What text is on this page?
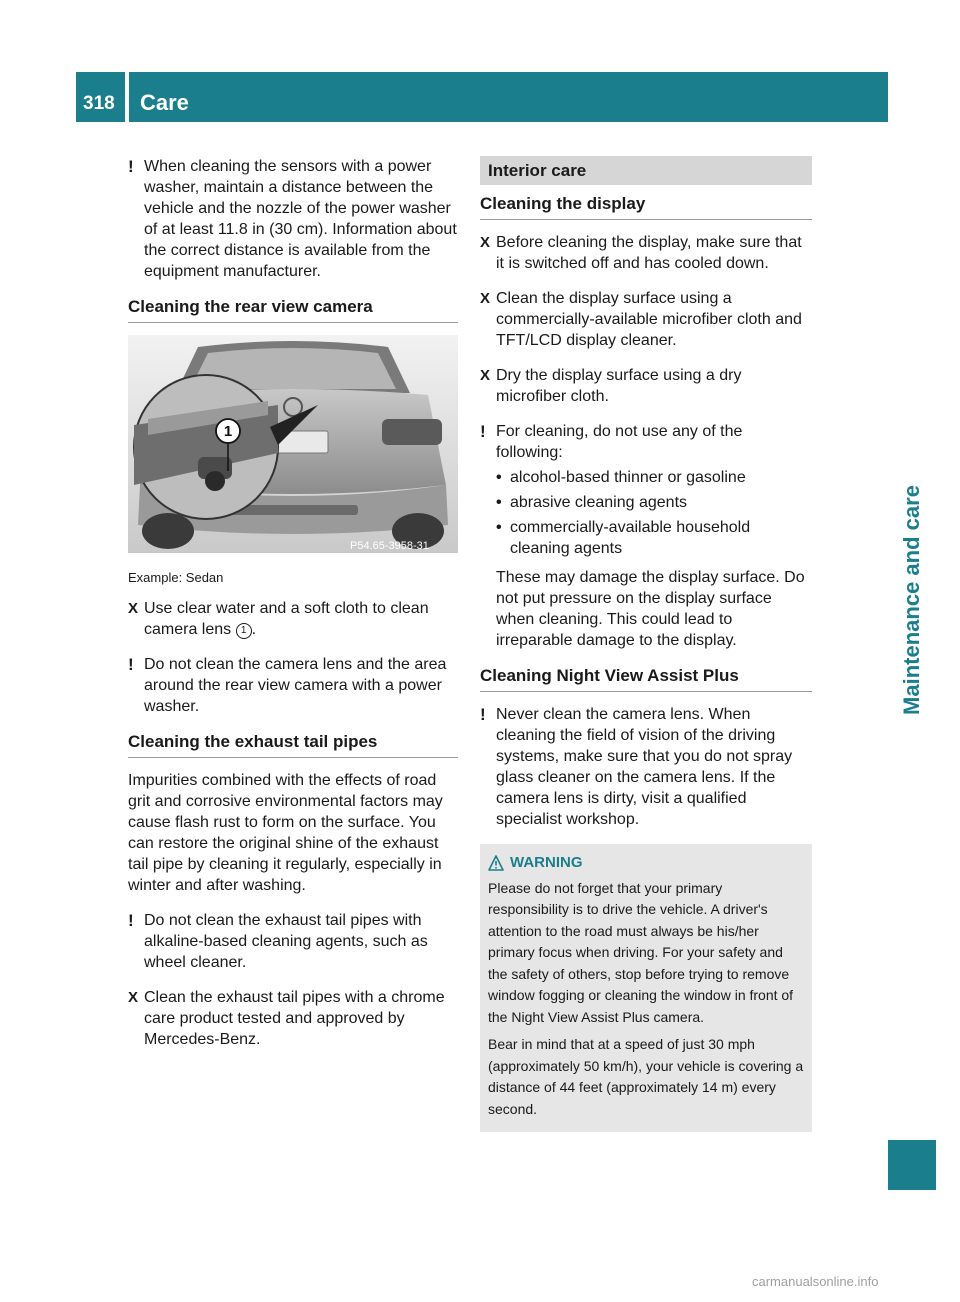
318 Care
Maintenance and care
! When cleaning the sensors with a power washer, maintain a distance between the vehicle and the nozzle of the power washer of at least 11.8 in (30 cm). Information about the correct distance is available from the equipment manufacturer.
Cleaning the rear view camera
1
P54.65-3958-31
Example: Sedan
X Use clear water and a soft cloth to clean camera lens 1 .
! Do not clean the camera lens and the area around the rear view camera with a power washer.
Cleaning the exhaust tail pipes

Impurities combined with the effects of road grit and corrosive environmental factors may cause flash rust to form on the surface. You can restore the original shine of the exhaust tail pipe by cleaning it regularly, especially in winter and after washing.

! Do not clean the exhaust tail pipes with alkaline-based cleaning agents, such as wheel cleaner.
X Clean the exhaust tail pipes with a chrome care product tested and approved by Mercedes-Benz.
Interior care
Cleaning the display
X Before cleaning the display, make sure that it is switched off and has cooled down.
X Clean the display surface using a commercially-available microfiber cloth and TFT/LCD display cleaner.
X Dry the display surface using a dry microfiber cloth.
! For cleaning, do not use any of the following:
• alcohol-based thinner or gasoline
• abrasive cleaning agents
• commercially-available household cleaning agents
These may damage the display surface. Do not put pressure on the display surface when cleaning. This could lead to irreparable damage to the display.
Cleaning Night View Assist Plus
! Never clean the camera lens. When cleaning the field of vision of the driving systems, make sure that you do not spray glass cleaner on the camera lens. If the camera lens is dirty, visit a qualified specialist workshop.
WARNING

Please do not forget that your primary responsibility is to drive the vehicle. A driver's attention to the road must always be his/her primary focus when driving. For your safety and the safety of others, stop before trying to remove window fogging or cleaning the window in front of the Night View Assist Plus camera.

Bear in mind that at a speed of just 30 mph (approximately 50 km/h), your vehicle is covering a distance of 44 feet (approximately 14 m) every second.

carmanualsonline.info
